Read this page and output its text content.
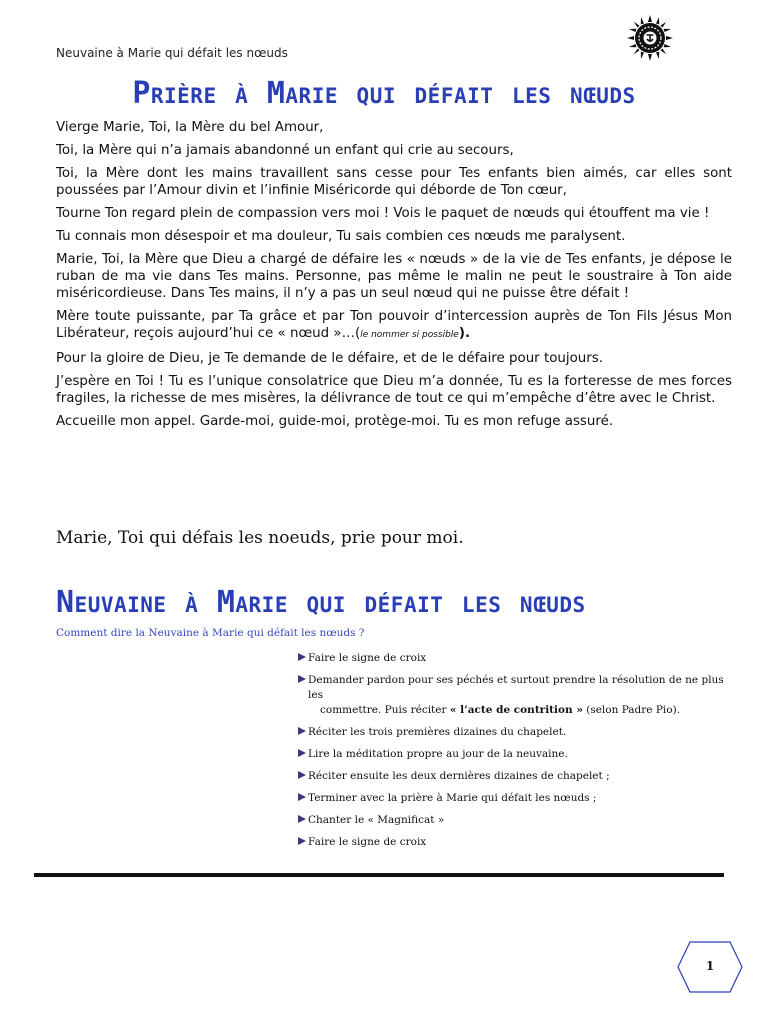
Neuvaine à Marie qui défait les nœuds
Prière à Marie qui défait les nœuds

Vierge Marie, Toi, la Mère du bel Amour,

Toi, la Mère qui n’a jamais abandonné un enfant qui crie au secours,

Toi, la Mère dont les mains travaillent sans cesse pour Tes enfants bien aimés, car elles sont poussées par l’Amour divin et l’infinie Miséricorde qui déborde de Ton cœur,

Tourne Ton regard plein de compassion vers moi ! Vois le paquet de nœuds qui étouffent ma vie !

Tu connais mon désespoir et ma douleur, Tu sais combien ces nœuds me paralysent.

Marie, Toi, la Mère que Dieu a chargé de défaire les « nœuds » de la vie de Tes enfants, je dépose le ruban de ma vie dans Tes mains. Personne, pas même le malin ne peut le soustraire à Ton aide miséricordieuse. Dans Tes mains, il n’y a pas un seul nœud qui ne puisse être défait !

Mère toute puissante, par Ta grâce et par Ton pouvoir d’intercession auprès de Ton Fils Jésus Mon Libérateur, reçois aujourd’hui ce « nœud »…(le nommer si possible).

Pour la gloire de Dieu, je Te demande de le défaire, et de le défaire pour toujours.

J’espère en Toi ! Tu es l’unique consolatrice que Dieu m’a donnée, Tu es la forteresse de mes forces fragiles, la richesse de mes misères, la délivrance de tout ce qui m’empêche d’être avec le Christ.

Accueille mon appel. Garde-moi, guide-moi, protège-moi. Tu es mon refuge assuré.

Marie, Toi qui défais les noeuds, prie pour moi.
Neuvaine à Marie qui défait les nœuds
Comment dire la Neuvaine à Marie qui défait les nœuds ?
Faire le signe de croix
Demander pardon pour ses péchés et surtout prendre la résolution de ne plus les
commettre. Puis réciter « l’acte de contrition » (selon Padre Pio).
Réciter les trois premières dizaines du chapelet.
Lire la méditation propre au jour de la neuvaine.
Réciter ensuite les deux dernières dizaines de chapelet ;
Terminer avec la prière à Marie qui défait les nœuds ;
Chanter le « Magnificat »
Faire le signe de croix
1
